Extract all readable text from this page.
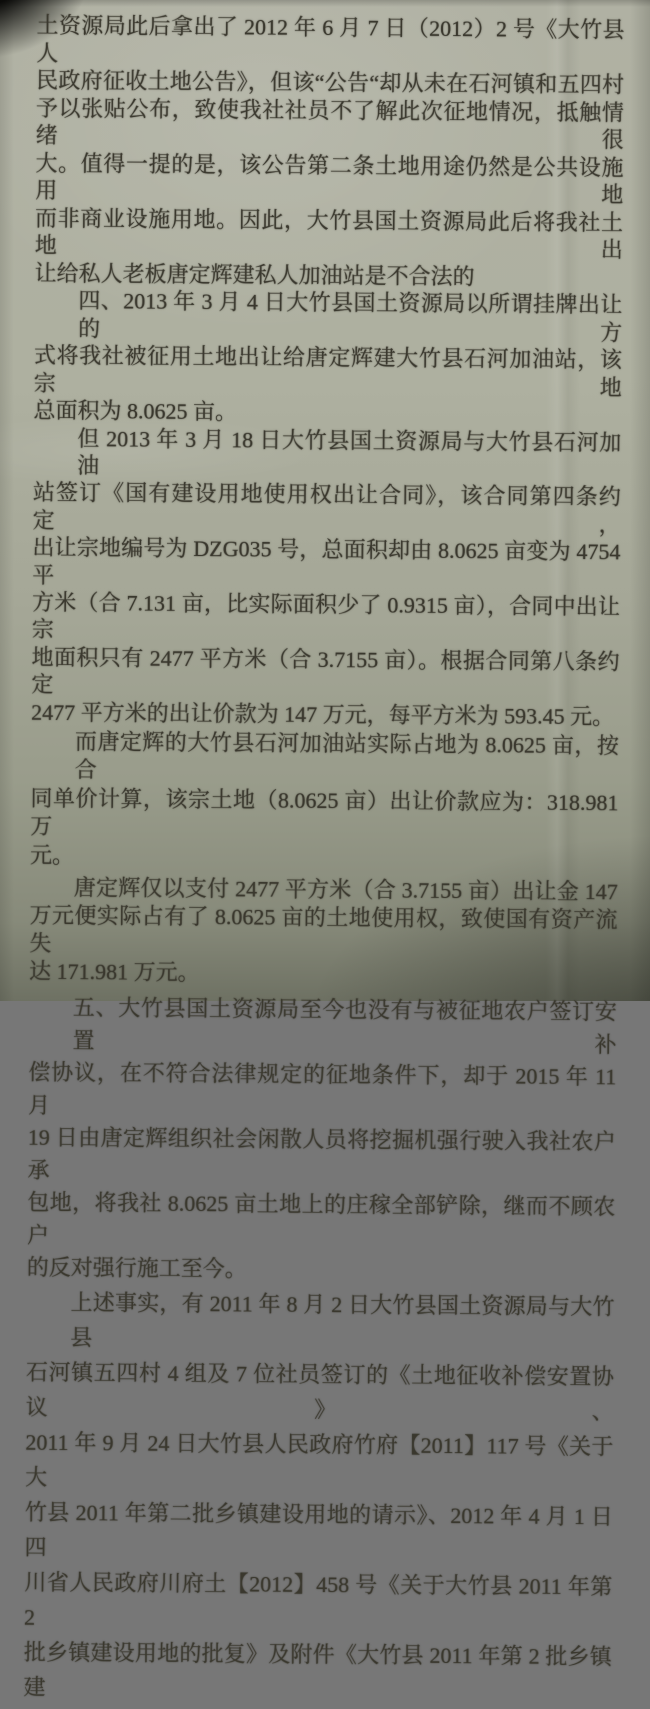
土资源局此后拿出了 2012 年 6 月 7 日（2012）2 号《大竹县人
民政府征收土地公告》，但该“公告“却从未在石河镇和五四村
予以张贴公布，致使我社社员不了解此次征地情况，抵触情绪很
大。值得一提的是，该公告第二条土地用途仍然是公共设施用地
而非商业设施用地。因此，大竹县国土资源局此后将我社土地出
让给私人老板唐定辉建私人加油站是不合法的
四、2013 年 3 月 4 日大竹县国土资源局以所谓挂牌出让的方
式将我社被征用土地出让给唐定辉建大竹县石河加油站，该宗地
总面积为 8.0625 亩。
但 2013 年 3 月 18 日大竹县国土资源局与大竹县石河加油
站签订《国有建设用地使用权出让合同》，该合同第四条约定，
出让宗地编号为 DZG035 号，总面积却由 8.0625 亩变为 4754 平
方米（合 7.131 亩，比实际面积少了 0.9315 亩），合同中出让宗
地面积只有 2477 平方米（合 3.7155 亩）。根据合同第八条约定
2477 平方米的出让价款为 147 万元，每平方米为 593.45 元。
而唐定辉的大竹县石河加油站实际占地为 8.0625 亩，按合
同单价计算，该宗土地（8.0625 亩）出让价款应为：318.981 万
元。
唐定辉仅以支付 2477 平方米（合 3.7155 亩）出让金 147
万元便实际占有了 8.0625 亩的土地使用权，致使国有资产流失
达 171.981 万元。
五、大竹县国土资源局至今也没有与被征地农户签订安置补
偿协议，在不符合法律规定的征地条件下，却于 2015 年 11 月
19 日由唐定辉组织社会闲散人员将挖掘机强行驶入我社农户承
包地，将我社 8.0625 亩土地上的庄稼全部铲除，继而不顾农户
的反对强行施工至今。
上述事实，有 2011 年 8 月 2 日大竹县国土资源局与大竹县
石河镇五四村 4 组及 7 位社员签订的《土地征收补偿安置协议》、
2011 年 9 月 24 日大竹县人民政府竹府【2011】117 号《关于大
竹县 2011 年第二批乡镇建设用地的请示》、2012 年 4 月 1 日四
川省人民政府川府土【2012】458 号《关于大竹县 2011 年第 2
批乡镇建设用地的批复》及附件《大竹县 2011 年第 2 批乡镇建
